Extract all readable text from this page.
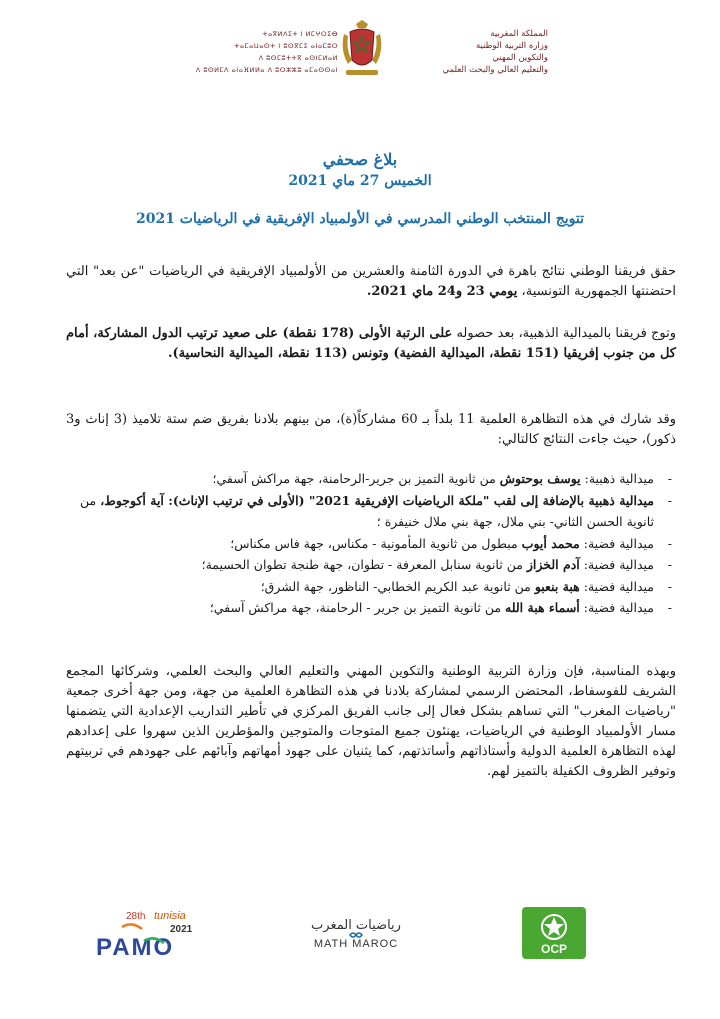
ⵜⴰⴳⵍⴷⵉⵜ ⵏ ⵍⵎⵖⵔⵉⴱ
ⵜⴰⵎⴰⵡⴰⵙⵜ ⵏ ⵓⵙⴳⵎⵉ ⴰⵏⴰⵎⵓⵔ
ⴷ ⵓⵙⵎⵓⵜⵜⴳ ⴰⵙⵏⵎⵍⴰⵍ
ⴷ ⵓⵙⵍⵎⴷ ⴰⵏⴰⴼⵍⵍⴰ ⴷ ⵓⵔⵣⵣⵓ ⴰⵎⴰⵙⵙⴰⵏ
المملكة المغربية
وزارة التربية الوطنية
والتكوين المهني
والتعليم العالي والبحث العلمي
بلاغ صحفي
الخميس 27 ماي 2021
تتويج المنتخب الوطني المدرسي في الأولمبياد الإفريقية في الرياضيات 2021

حقق فريقنا الوطني نتائج باهرة في الدورة الثامنة والعشرين من الأولمبياد الإفريقية في الرياضيات "عن بعد" التي احتضنتها الجمهورية التونسية، يومي 23 و24 ماي 2021.

وتوج فريقنا بالميدالية الذهبية، بعد حصوله على الرتبة الأولى (178 نقطة) على صعيد ترتيب الدول المشاركة، أمام كل من جنوب إفريقيا (151 نقطة، الميدالية الفضية) وتونس (113 نقطة، الميدالية النحاسية).

وقد شارك في هذه التظاهرة العلمية 11 بلداً بـ 60 مشاركاً(ة)، من بينهم بلادنا بفريق ضم ستة تلاميذ (3 إناث و3 ذكور)، حيث جاءت النتائج كالتالي:

-
ميدالية ذهبية: يوسف بوحتوش من ثانوية التميز بن جرير-الرحامنة، جهة مراكش آسفي؛
-
ميدالية ذهبية بالإضافة إلى لقب "ملكة الرياضيات الإفريقية 2021" (الأولى في ترتيب الإناث): آية أكوجوط، من ثانوية الحسن الثاني- بني ملال، جهة بني ملال خنيفرة ؛
-
ميدالية فضية: محمد أيوب مبطول من ثانوية المأمونية - مكناس، جهة فاس مكناس؛
-
ميدالية فضية: آدم الخزاز من ثانوية سنابل المعرفة - تطوان، جهة طنجة تطوان الحسيمة؛
-
ميدالية فضية: هبة بنعبو من ثانوية عبد الكريم الخطابي- الناظور، جهة الشرق؛
-
ميدالية فضية: أسماء هبة الله من ثانوية التميز بن جرير - الرحامنة، جهة مراكش آسفي؛

وبهذه المناسبة، فإن وزارة التربية الوطنية والتكوين المهني والتعليم العالي والبحث العلمي، وشركائها المجمع الشريف للفوسفاط، المحتضن الرسمي لمشاركة بلادنا في هذه التظاهرة العلمية من جهة، ومن جهة أخرى جمعية "رياضيات المغرب" التي تساهم بشكل فعال إلى جانب الفريق المركزي في تأطير التداريب الإعدادية التي يتضمنها مسار الأولمبياد الوطنية في الرياضيات، يهنئون جميع المتوجات والمتوجين والمؤطرين الذين سهروا على إعدادهم لهذه التظاهرة العلمية الدولية وأستاذاتهم وأساتذتهم، كما يثنيان على جهود أمهاتهم وآبائهم على جهودهم في تربيتهم وتوفير الظروف الكفيلة بالتميز لهم.

28th tunisia
2021
PAMO
رياضيات المغرب
MATH MAROC	OCP
